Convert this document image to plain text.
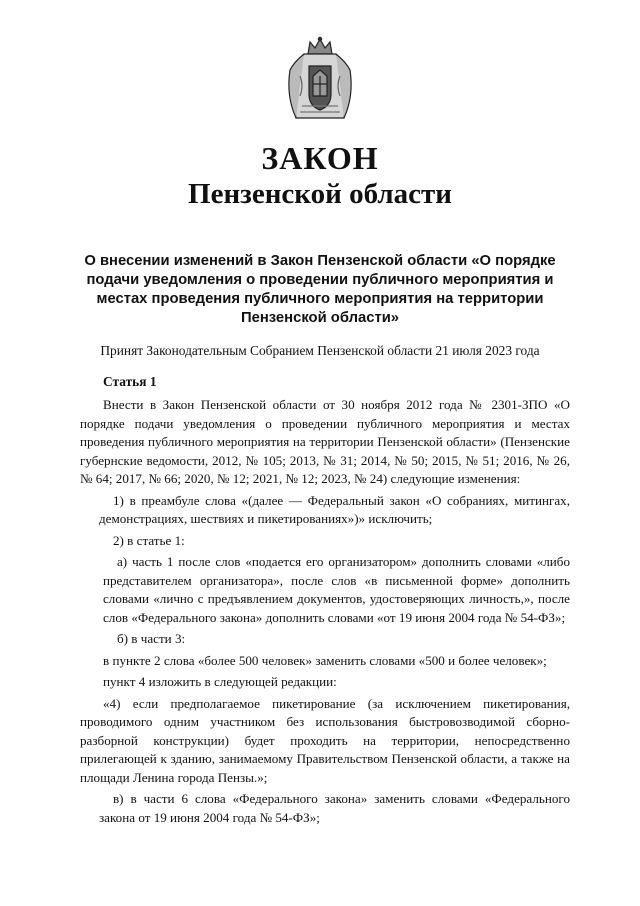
ЗАКОН
Пензенской области
О внесении изменений в Закон Пензенской области «О порядке
подачи уведомления о проведении публичного мероприятия и
местах проведения публичного мероприятия на территории
Пензенской области»
Принят Законодательным Собранием Пензенской области 21 июля 2023 года
Статья 1

Внести в Закон Пензенской области от 30 ноября 2012 года № 2301-ЗПО «О порядке подачи уведомления о проведении публичного мероприятия и местах проведения публичного мероприятия на территории Пензенской области» (Пензенские губернские ведомости, 2012, № 105; 2013, № 31; 2014, № 50; 2015, № 51; 2016, № 26, № 64; 2017, № 66; 2020, № 12; 2021, № 12; 2023, № 24) следующие изменения:

1) в преамбуле слова «(далее — Федеральный закон «О собраниях, митингах, демонстрациях, шествиях и пикетированиях»)» исключить;

2) в статье 1:

а) часть 1 после слов «подается его организатором» дополнить словами «либо представителем организатора», после слов «в письменной форме» дополнить словами «лично с предъявлением документов, удостоверяющих личность,», после слов «Федерального закона» дополнить словами «от 19 июня 2004 года № 54-ФЗ»;

б) в части 3:

в пункте 2 слова «более 500 человек» заменить словами «500 и более человек»;

пункт 4 изложить в следующей редакции:

«4) если предполагаемое пикетирование (за исключением пикетирования, проводимого одним участником без использования быстровозводимой сборно-разборной конструкции) будет проходить на территории, непосредственно прилегающей к зданию, занимаемому Правительством Пензенской области, а также на площади Ленина города Пензы.»;

в) в части 6 слова «Федерального закона» заменить словами «Федерального закона от 19 июня 2004 года № 54-ФЗ»;
